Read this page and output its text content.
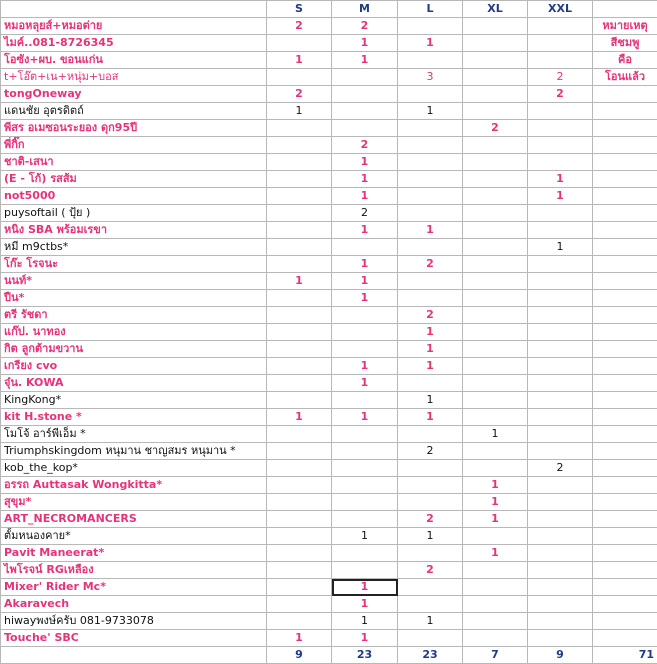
	S	M	L	XL	XXL	
หมอหลุยส์+หมอต่าย	2	2				หมายเหตุ
ไมค์..081-8726345		1	1			สีชมพู
โอซัง+ผบ. ขอนแก่น	1	1				คือ
t+โอ๊ต+เน+หนุ่ม+บอส			3		2	โอนแล้ว
tongOneway	2				2	
แดนชัย อุตรดิตถ์	1		1			
พีสร อเมซอนระยอง ดุก95ปี				2		
พี่กิ๊ก		2				
ชาติ-เสนา		1				
(E - โก้) รสส้ม		1			1	
not5000		1			1	
puysoftail ( ปุ้ย )		2				
หนิง SBA พร้อมเรขา		1	1			
หมี m9ctbs*					1	
โก๊ะ โรจนะ		1	2			
นนท์*	1	1				
ปืน*		1				
ตรี รัชดา			2			
แก๊ป. นาทอง			1			
กิต ลูกต้ามขวาน			1			
เกรียง cvo		1	1			
จุ๋น. KOWA		1				
KingKong*			1			
kit H.stone *	1	1	1			
โมโจ้ อาร์พีเอ็ม *				1		
Triumphskingdom หนุมาน ชาญสมร หนุมาน *			2			
kob_the_kop*					2	
อรรถ Auttasak Wongkitta*				1		
สุขุม*				1		
ART_NECROMANCERS			2	1		
ตั้มหนองคาย*		1	1			
Pavit Maneerat*				1		
ไพโรจน์ RGเหลือง			2			
Mixer' Rider Mc*		1				
Akaravech		1				
hiwayพงษ์ครับ 081-9733078		1	1			
Touche' SBC	1	1				
	9	23	23	7	9	71
